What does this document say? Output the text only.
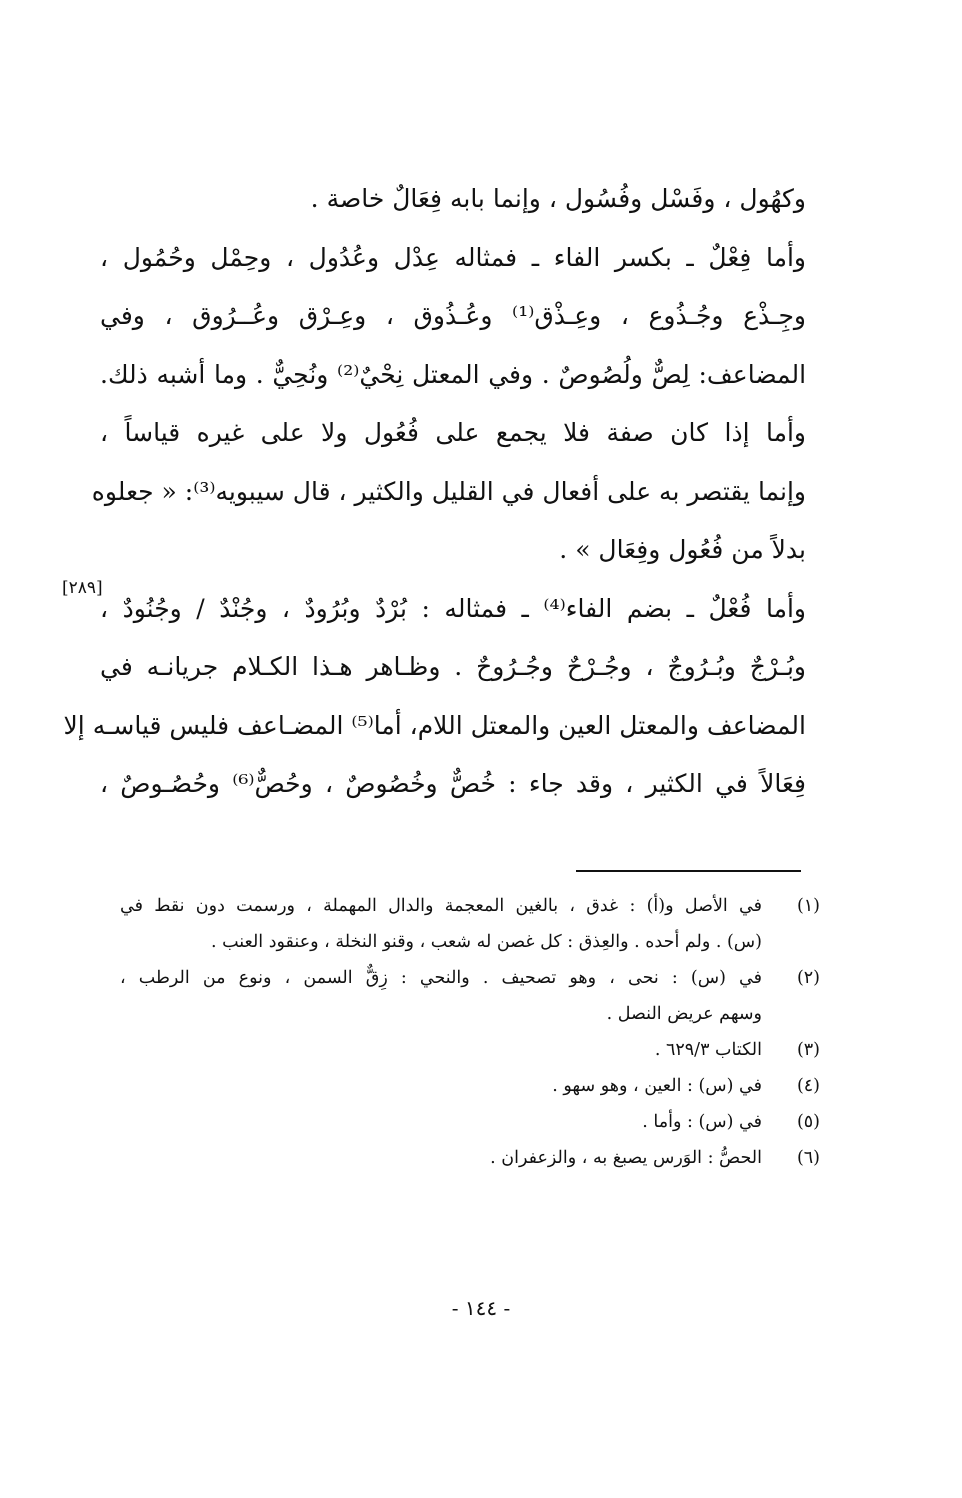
وكهُول ، وفَسْل وفُسُول ، وإنما بابه فِعَالٌ خاصة .
وأما فِعْلٌ ـ بكسر الفاء ـ فمثاله عِدْل وعُدُول ، وحِمْل وحُمُول ،
وجِـذْع وجُـذُوع ، وعِـذْق⁽¹⁾ وعُـذُوق ، وعِـرْق وعُــرُوق ، وفي
المضاعف: لِصٌّ ولُصُوصٌ . وفي المعتل نِحْيٌ⁽²⁾ ونُحِيٌّ . وما أشبه ذلك.
وأما إذا كان صفة فلا يجمع على فُعُول ولا على غيره قياساً ،
وإنما يقتصر به على أفعال في القليل والكثير ، قال سيبويه⁽³⁾: « جعلوه
بدلاً من فُعُول وفِعَال » .
وأما فُعْلٌ ـ بضم الفاء⁽⁴⁾ ـ فمثاله : بُرْدٌ وبُرُودٌ ، وجُنْدٌ / وجُنُودٌ ،
وبُـرْجٌ وبُـرُوجٌ ، وجُـرْحٌ وجُـرُوحٌ . وظـاهر هـذا الكـلام جريانـه في
المضاعف والمعتل العين والمعتل اللام، أما⁽⁵⁾ المضـاعف فليس قياسـه إلا
فِعَالاً في الكثير ، وقد جاء : خُصٌّ وخُصُوصٌ ، وحُصٌّ⁽⁶⁾ وحُصُـوصٌ ،
[٢٨٩]
(١)
في الأصل و(أ) : غدق ، بالغين المعجمة والدال المهملة ، ورسمت دون نقط في
(س) . ولم أحده . والعِذق : كل غصن له شعب ، وقنو النخلة ، وعنقود العنب .
(٢)
في (س) : نحى ، وهو تصحيف . والنحي : زِقٌّ السمن ، ونوع من الرطب ،
وسهم عريض النصل .
(٣)
الكتاب ٦٢٩/٣ .
(٤)
في (س) : العين ، وهو سهو .
(٥)
في (س) : وأما .
(٦)
الحصُّ : الوَرس يصبغ به ، والزعفران .
- ١٤٤ -
